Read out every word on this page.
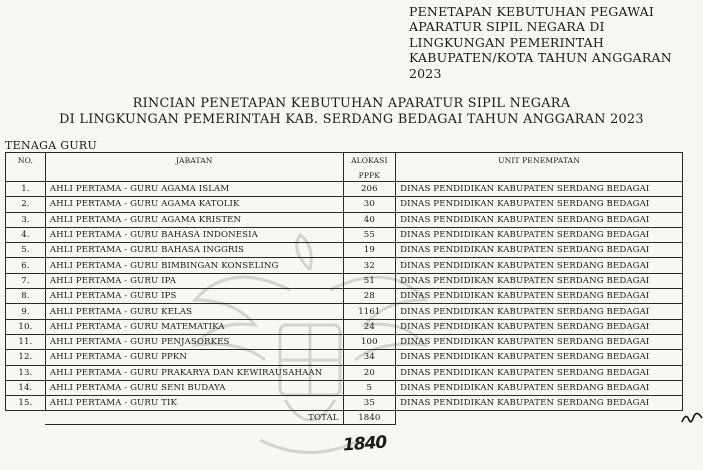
PENETAPAN KEBUTUHAN PEGAWAI
APARATUR SIPIL NEGARA DI
LINGKUNGAN PEMERINTAH
KABUPATEN/KOTA TAHUN ANGGARAN
2023
RINCIAN PENETAPAN KEBUTUHAN APARATUR SIPIL NEGARA
DI LINGKUNGAN PEMERINTAH KAB. SERDANG BEDAGAI TAHUN ANGGARAN 2023
TENAGA GURU
NO.	JABATAN	ALOKASI	UNIT PENEMPATAN
		PPPK	
1.	AHLI PERTAMA - GURU AGAMA ISLAM	206	DINAS PENDIDIKAN KABUPATEN SERDANG BEDAGAI
2.	AHLI PERTAMA - GURU AGAMA KATOLIK	30	DINAS PENDIDIKAN KABUPATEN SERDANG BEDAGAI
3.	AHLI PERTAMA - GURU AGAMA KRISTEN	40	DINAS PENDIDIKAN KABUPATEN SERDANG BEDAGAI
4.	AHLI PERTAMA - GURU BAHASA INDONESIA	55	DINAS PENDIDIKAN KABUPATEN SERDANG BEDAGAI
5.	AHLI PERTAMA - GURU BAHASA INGGRIS	19	DINAS PENDIDIKAN KABUPATEN SERDANG BEDAGAI
6.	AHLI PERTAMA - GURU BIMBINGAN KONSELING	32	DINAS PENDIDIKAN KABUPATEN SERDANG BEDAGAI
7.	AHLI PERTAMA - GURU IPA	51	DINAS PENDIDIKAN KABUPATEN SERDANG BEDAGAI
8.	AHLI PERTAMA - GURU IPS	28	DINAS PENDIDIKAN KABUPATEN SERDANG BEDAGAI
9.	AHLI PERTAMA - GURU KELAS	1161	DINAS PENDIDIKAN KABUPATEN SERDANG BEDAGAI
10.	AHLI PERTAMA - GURU MATEMATIKA	24	DINAS PENDIDIKAN KABUPATEN SERDANG BEDAGAI
11.	AHLI PERTAMA - GURU PENJASORKES	100	DINAS PENDIDIKAN KABUPATEN SERDANG BEDAGAI
12.	AHLI PERTAMA - GURU PPKN	34	DINAS PENDIDIKAN KABUPATEN SERDANG BEDAGAI
13.	AHLI PERTAMA - GURU PRAKARYA DAN KEWIRAUSAHAAN	20	DINAS PENDIDIKAN KABUPATEN SERDANG BEDAGAI
14.	AHLI PERTAMA - GURU SENI BUDAYA	5	DINAS PENDIDIKAN KABUPATEN SERDANG BEDAGAI
15.	AHLI PERTAMA - GURU TIK	35	DINAS PENDIDIKAN KABUPATEN SERDANG BEDAGAI
	TOTAL	1840	
1840
